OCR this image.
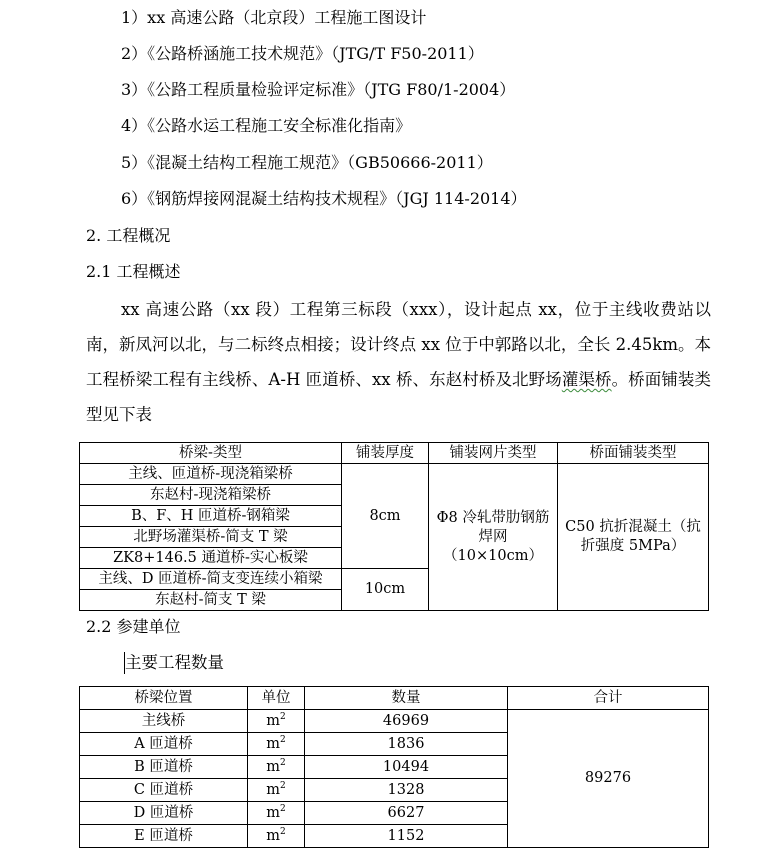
1）xx 高速公路（北京段）工程施工图设计
2）《公路桥涵施工技术规范》（JTG/T F50-2011）
3）《公路工程质量检验评定标准》（JTG F80/1-2004）
4）《公路水运工程施工安全标准化指南》
5）《混凝土结构工程施工规范》（GB50666-2011）
6）《钢筋焊接网混凝土结构技术规程》（JGJ 114-2014）
2. 工程概况
2.1 工程概述
xx 高速公路（xx 段）工程第三标段（xxx），设计起点 xx，位于主线收费站以南，新凤河以北，与二标终点相接；设计终点 xx 位于中郭路以北，全长 2.45km。本工程桥梁工程有主线桥、A-H 匝道桥、xx 桥、东赵村桥及北野场灌渠桥。桥面铺装类型见下表
桥梁-类型	铺装厚度	铺装网片类型	桥面铺装类型
主线、匝道桥-现浇箱梁桥	8cm	Φ8 冷轧带肋钢筋焊网（10×10cm）	C50 抗折混凝土（抗折强度 5MPa）
东赵村-现浇箱梁桥			
B、F、H 匝道桥-钢箱梁			
北野场灌渠桥-简支 T 梁			
ZK8+146.5 通道桥-实心板梁			
主线、D 匝道桥-简支变连续小箱梁	10cm		
东赵村-简支 T 梁			
2.2 参建单位
主要工程数量
桥梁位置	单位	数量	合计
主线桥	$m^2$	46969	89276
A 匝道桥	$m^2$	1836	
B 匝道桥	$m^2$	10494	
C 匝道桥	$m^2$	1328	
D 匝道桥	$m^2$	6627	
E 匝道桥	$m^2$	1152	
